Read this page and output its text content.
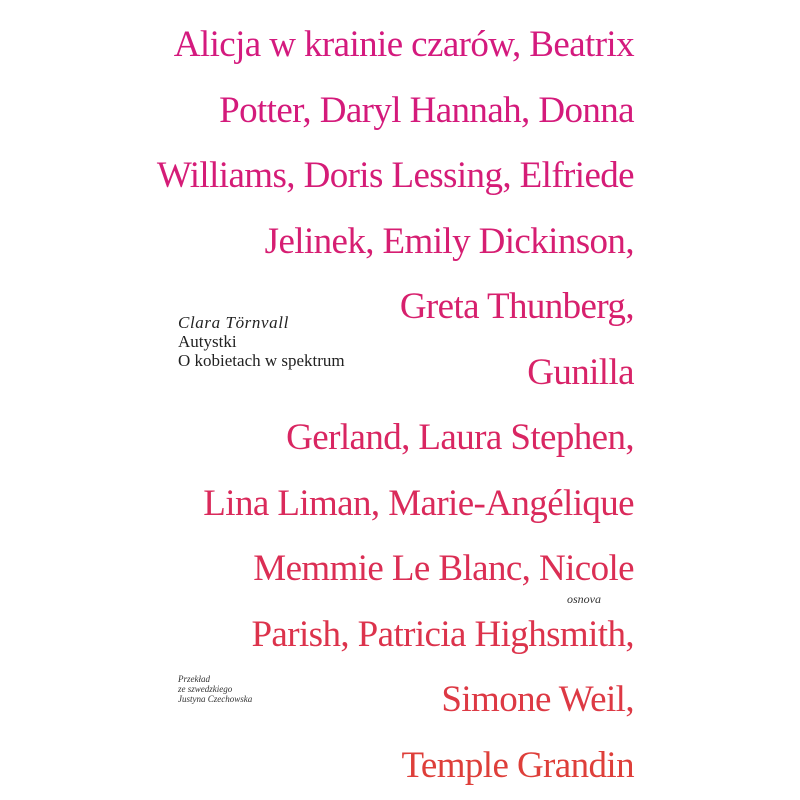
Alicja w krainie czarów, Beatrix
Potter, Daryl Hannah, Donna
Williams, Doris Lessing, Elfriede
Jelinek, Emily Dickinson,
Greta Thunberg,
Gunilla
Gerland, Laura Stephen,
Lina Liman, Marie-Angélique
Memmie Le Blanc, Nicole
Parish, Patricia Highsmith,
Simone Weil,
Temple Grandin
Clara Törnvall
Autystki
O kobietach w spektrum
osnova
Przekład
ze szwedzkiego
Justyna Czechowska
